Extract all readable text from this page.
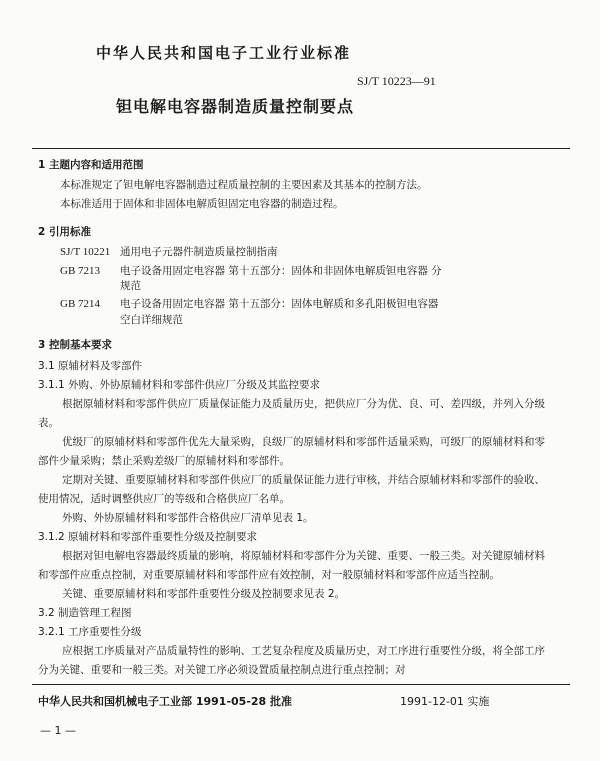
中华人民共和国电子工业行业标准
SJ/T 10223—91
钽电解电容器制造质量控制要点
1 主题内容和适用范围
本标准规定了钽电解电容器制造过程质量控制的主要因素及其基本的控制方法。
本标准适用于固体和非固体电解质钽固定电容器的制造过程。
2 引用标准
SJ/T 10221 通用电子元器件制造质量控制指南
GB 7213 电子设备用固定电容器 第十五部分：固体和非固体电解质钽电容器 分
规范
GB 7214 电子设备用固定电容器 第十五部分：固体电解质和多孔阳极钽电容器
空白详细规范
3 控制基本要求
3.1 原辅材料及零部件
3.1.1 外购、外协原辅材料和零部件供应厂分级及其监控要求
根据原辅材料和零部件供应厂质量保证能力及质量历史，把供应厂分为优、良、可、差四级，并列入分级表。
优级厂的原辅材料和零部件优先大量采购，良级厂的原辅材料和零部件适量采购，可级厂的原辅材料和零部件少量采购；禁止采购差级厂的原辅材料和零部件。
定期对关键、重要原辅材料和零部件供应厂的质量保证能力进行审核，并结合原辅材料和零部件的验收、使用情况，适时调整供应厂的等级和合格供应厂名单。
外购、外协原辅材料和零部件合格供应厂清单见表 1。
3.1.2 原辅材料和零部件重要性分级及控制要求
根据对钽电解电容器最终质量的影响，将原辅材料和零部件分为关键、重要、一般三类。对关键原辅材料和零部件应重点控制，对重要原辅材料和零部件应有效控制，对一般原辅材料和零部件应适当控制。
关键、重要原辅材料和零部件重要性分级及控制要求见表 2。
3.2 制造管理工程图
3.2.1 工序重要性分级
应根据工序质量对产品质量特性的影响、工艺复杂程度及质量历史，对工序进行重要性分级，将全部工序分为关键、重要和一般三类。对关键工序必须设置质量控制点进行重点控制；对
中华人民共和国机械电子工业部 1991-05-28 批准	1991-12-01 实施
— 1 —
